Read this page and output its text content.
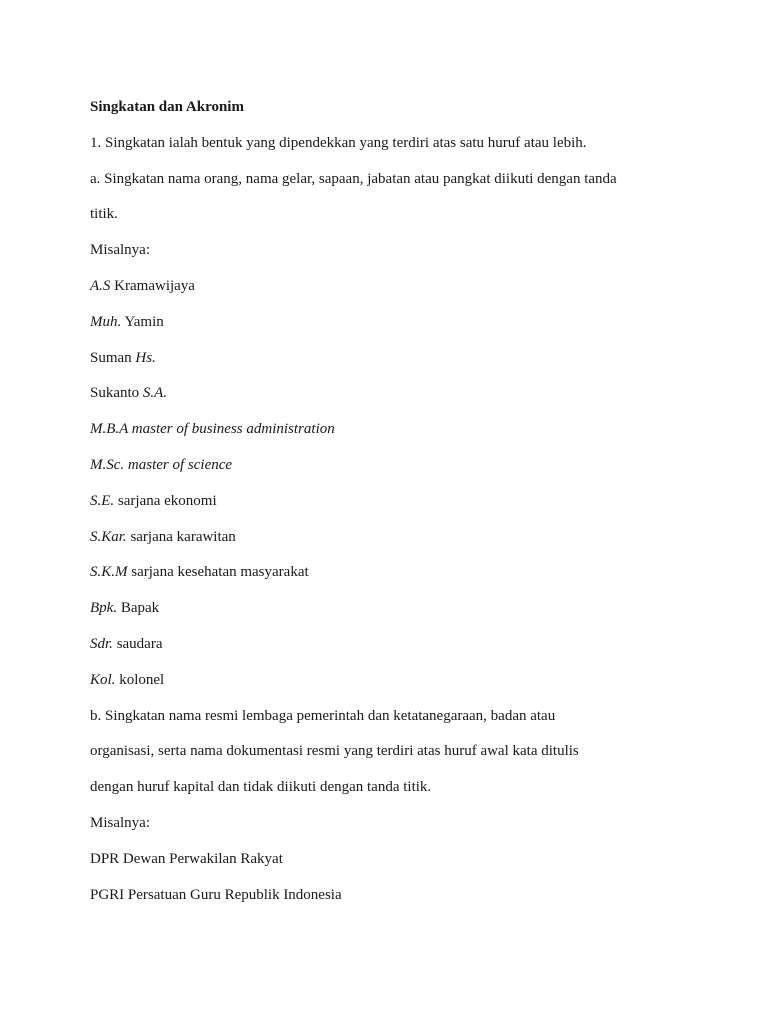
Singkatan dan Akronim
1. Singkatan ialah bentuk yang dipendekkan yang terdiri atas satu huruf atau lebih.
a. Singkatan nama orang, nama gelar, sapaan, jabatan atau pangkat diikuti dengan tanda
titik.
Misalnya:
A.S Kramawijaya
Muh. Yamin
Suman Hs.
Sukanto S.A.
M.B.A master of business administration
M.Sc. master of science
S.E. sarjana ekonomi
S.Kar. sarjana karawitan
S.K.M sarjana kesehatan masyarakat
Bpk. Bapak
Sdr. saudara
Kol. kolonel
b. Singkatan nama resmi lembaga pemerintah dan ketatanegaraan, badan atau
organisasi, serta nama dokumentasi resmi yang terdiri atas huruf awal kata ditulis
dengan huruf kapital dan tidak diikuti dengan tanda titik.
Misalnya:
DPR Dewan Perwakilan Rakyat
PGRI Persatuan Guru Republik Indonesia
